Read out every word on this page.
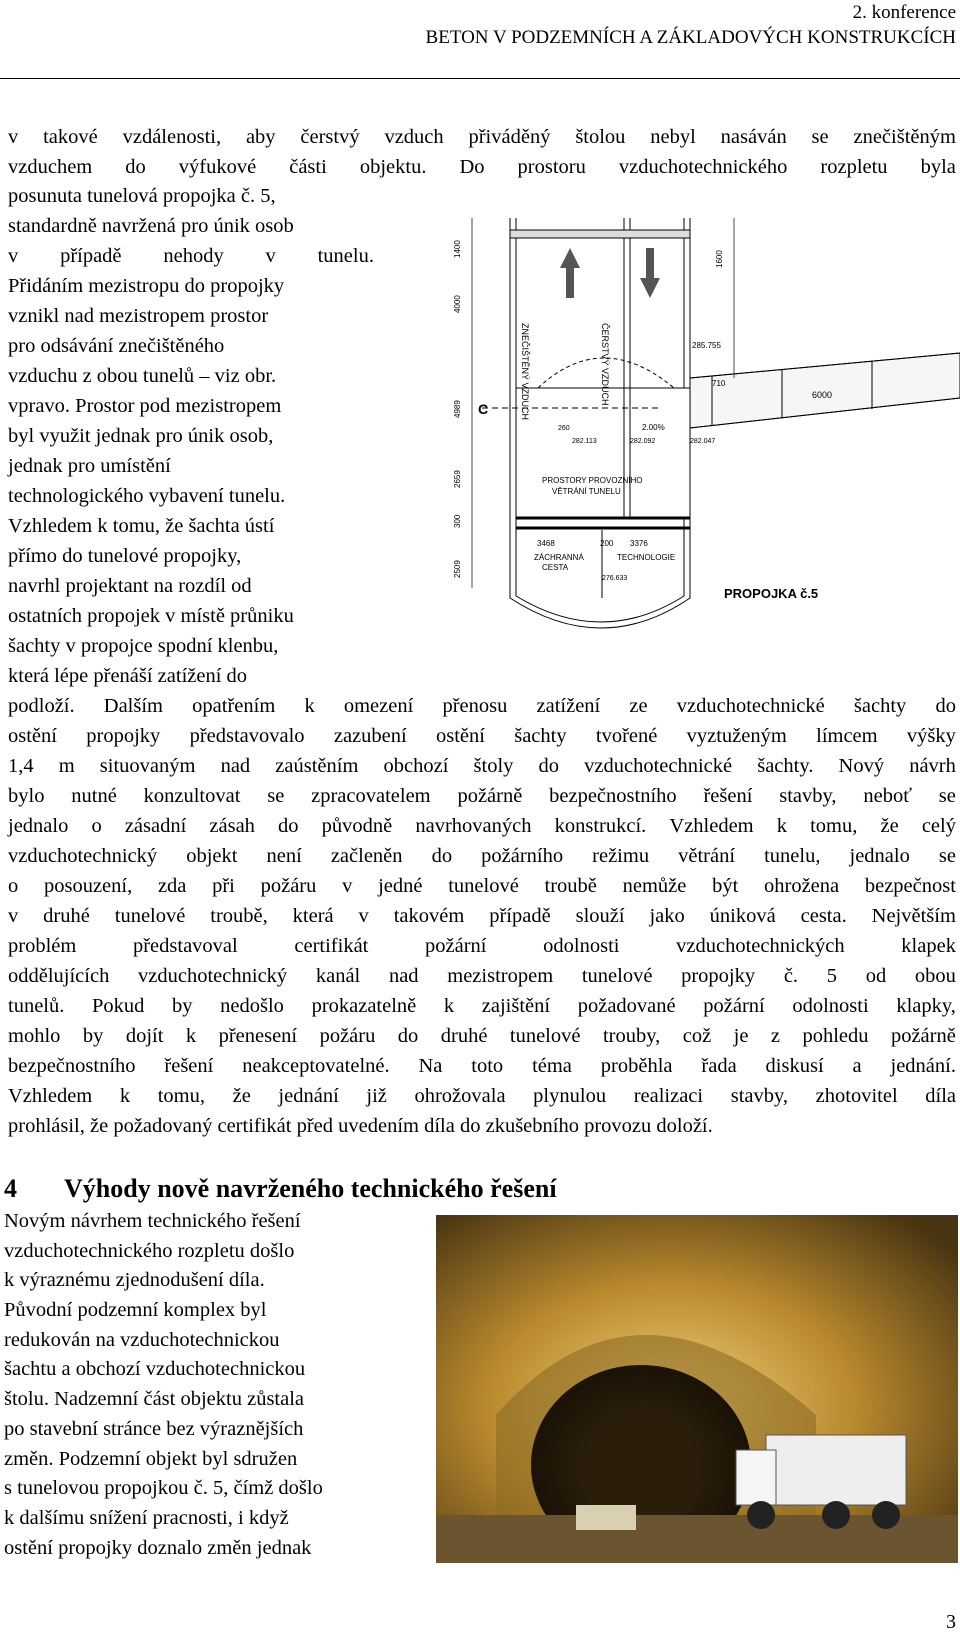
2. konference
BETON V PODZEMNÍCH A ZÁKLADOVÝCH KONSTRUKCÍCH
v takové vzdálenosti, aby čerstvý vzduch přiváděný štolou nebyl nasáván se znečištěným
vzduchem do výfukové části objektu. Do prostoru vzduchotechnického rozpletu byla
posunuta tunelová propojka č. 5,
standardně navržená pro únik osob
v případě nehody v tunelu.
Přidáním mezistropu do propojky
vznikl nad mezistropem prostor
pro odsávání znečištěného
vzduchu z obou tunelů – viz obr.
vpravo. Prostor pod mezistropem
byl využit jednak pro únik osob,
jednak pro umístění
technologického vybavení tunelu.
Vzhledem k tomu, že šachta ústí
přímo do tunelové propojky,
navrhl projektant na rozdíl od
ostatních propojek v místě průniku
šachty v propojce spodní klenbu,
která lépe přenáší zatížení do
ZNEČIŠTĚNÝ VZDUCH	ČERSTVÝ VZDUCH
PROSTORY PROVOZNÍHO
VĚTRÁNÍ TUNELU
ZÁCHRANNÁ
CESTA
TECHNOLOGIE
3468	200 3376
6000
710
2.00%
285.755
282.113	282.092	282.047
276.633
260
C
1400
4000
4989
2659
300
2509
1600
PROPOJKA č.5
podloží. Dalším opatřením k omezení přenosu zatížení ze vzduchotechnické šachty do
ostění propojky představovalo zazubení ostění šachty tvořené vyztuženým límcem výšky
1,4 m situovaným nad zaústěním obchozí štoly do vzduchotechnické šachty. Nový návrh
bylo nutné konzultovat se zpracovatelem požárně bezpečnostního řešení stavby, neboť se
jednalo o zásadní zásah do původně navrhovaných konstrukcí. Vzhledem k tomu, že celý
vzduchotechnický objekt není začleněn do požárního režimu větrání tunelu, jednalo se
o posouzení, zda při požáru v jedné tunelové troubě nemůže být ohrožena bezpečnost
v druhé tunelové troubě, která v takovém případě slouží jako úniková cesta. Největším
problém	představoval	certifikát	požární	odolnosti	vzduchotechnických	klapek
oddělujících vzduchotechnický kanál nad mezistropem tunelové propojky č. 5 od obou
tunelů. Pokud by nedošlo prokazatelně k zajištění požadované požární odolnosti klapky,
mohlo by dojít k přenesení požáru do druhé tunelové trouby, což je z pohledu požárně
bezpečnostního řešení neakceptovatelné. Na toto téma proběhla řada diskusí a jednání.
Vzhledem k tomu, že jednání již ohrožovala plynulou realizaci stavby, zhotovitel díla
prohlásil, že požadovaný certifikát před uvedením díla do zkušebního provozu doloží.
4 Výhody nově navrženého technického řešení
Novým návrhem technického řešení
vzduchotechnického rozpletu došlo
k výraznému zjednodušení díla.
Původní podzemní komplex byl
redukován na vzduchotechnickou
šachtu a obchozí vzduchotechnickou
štolu. Nadzemní část objektu zůstala
po stavební stránce bez výraznějších
změn. Podzemní objekt byl sdružen
s tunelovou propojkou č. 5, čímž došlo
k dalšímu snížení pracnosti, i když
ostění propojky doznalo změn jednak
3
